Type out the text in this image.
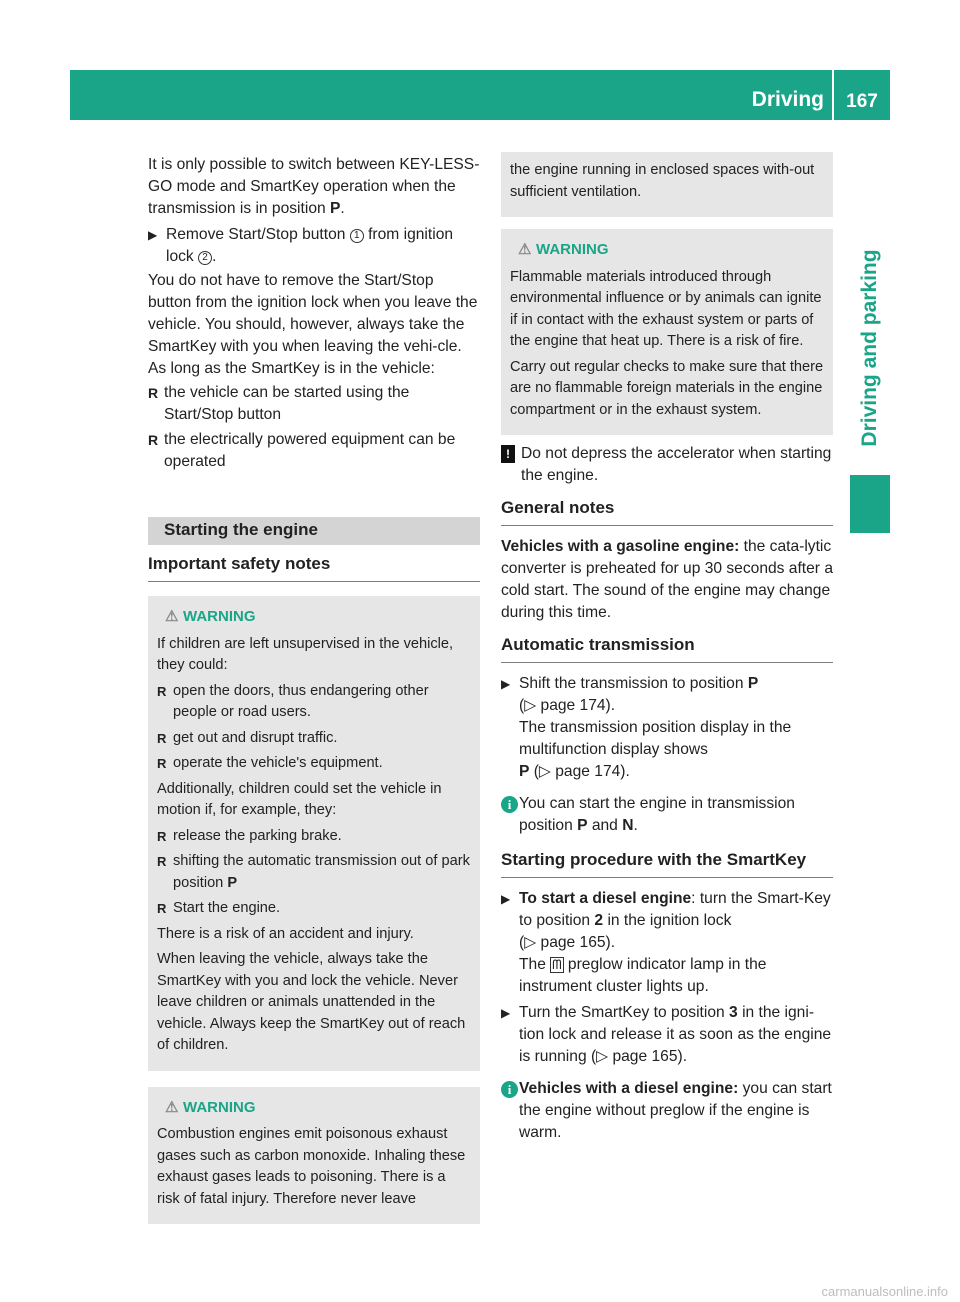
Driving	167
Driving and parking

It is only possible to switch between KEY-LESS-GO mode and SmartKey operation when the transmission is in position P.

▶ Remove Start/Stop button 1 from ignition lock 2 .

You do not have to remove the Start/Stop button from the ignition lock when you leave the vehicle. You should, however, always take the SmartKey with you when leaving the vehi-cle. As long as the SmartKey is in the vehicle:

R the vehicle can be started using the Start/Stop button

R the electrically powered equipment can be operated

Starting the engine
Important safety notes
⚠ WARNING

If children are left unsupervised in the vehicle, they could:

R open the doors, thus endangering other people or road users.

R get out and disrupt traffic.

R operate the vehicle's equipment.

Additionally, children could set the vehicle in motion if, for example, they:

R release the parking brake.

R shifting the automatic transmission out of park position P

R Start the engine.

There is a risk of an accident and injury.

When leaving the vehicle, always take the SmartKey with you and lock the vehicle. Never leave children or animals unattended in the vehicle. Always keep the SmartKey out of reach of children.

⚠ WARNING

Combustion engines emit poisonous exhaust gases such as carbon monoxide. Inhaling these exhaust gases leads to poisoning. There is a risk of fatal injury. Therefore never leave

the engine running in enclosed spaces with-out sufficient ventilation.

⚠ WARNING

Flammable materials introduced through environmental influence or by animals can ignite if in contact with the exhaust system or parts of the engine that heat up. There is a risk of fire.

Carry out regular checks to make sure that there are no flammable foreign materials in the engine compartment or in the exhaust system.

! Do not depress the accelerator when starting the engine.

General notes

Vehicles with a gasoline engine: the cata-lytic converter is preheated for up 30 seconds after a cold start. The sound of the engine may change during this time.

Automatic transmission

▶ Shift the transmission to position P
(▷ page 174).
The transmission position display in the multifunction display shows
P (▷ page 174).

i You can start the engine in transmission position P and N.

Starting procedure with the SmartKey

▶ To start a diesel engine: turn the Smart-Key to position 2 in the ignition lock
(▷ page 165).
The ᗰ preglow indicator lamp in the instrument cluster lights up.

▶ Turn the SmartKey to position 3 in the igni-tion lock and release it as soon as the engine is running (▷ page 165).

i Vehicles with a diesel engine: you can start the engine without preglow if the engine is warm.

carmanualsonline.info
